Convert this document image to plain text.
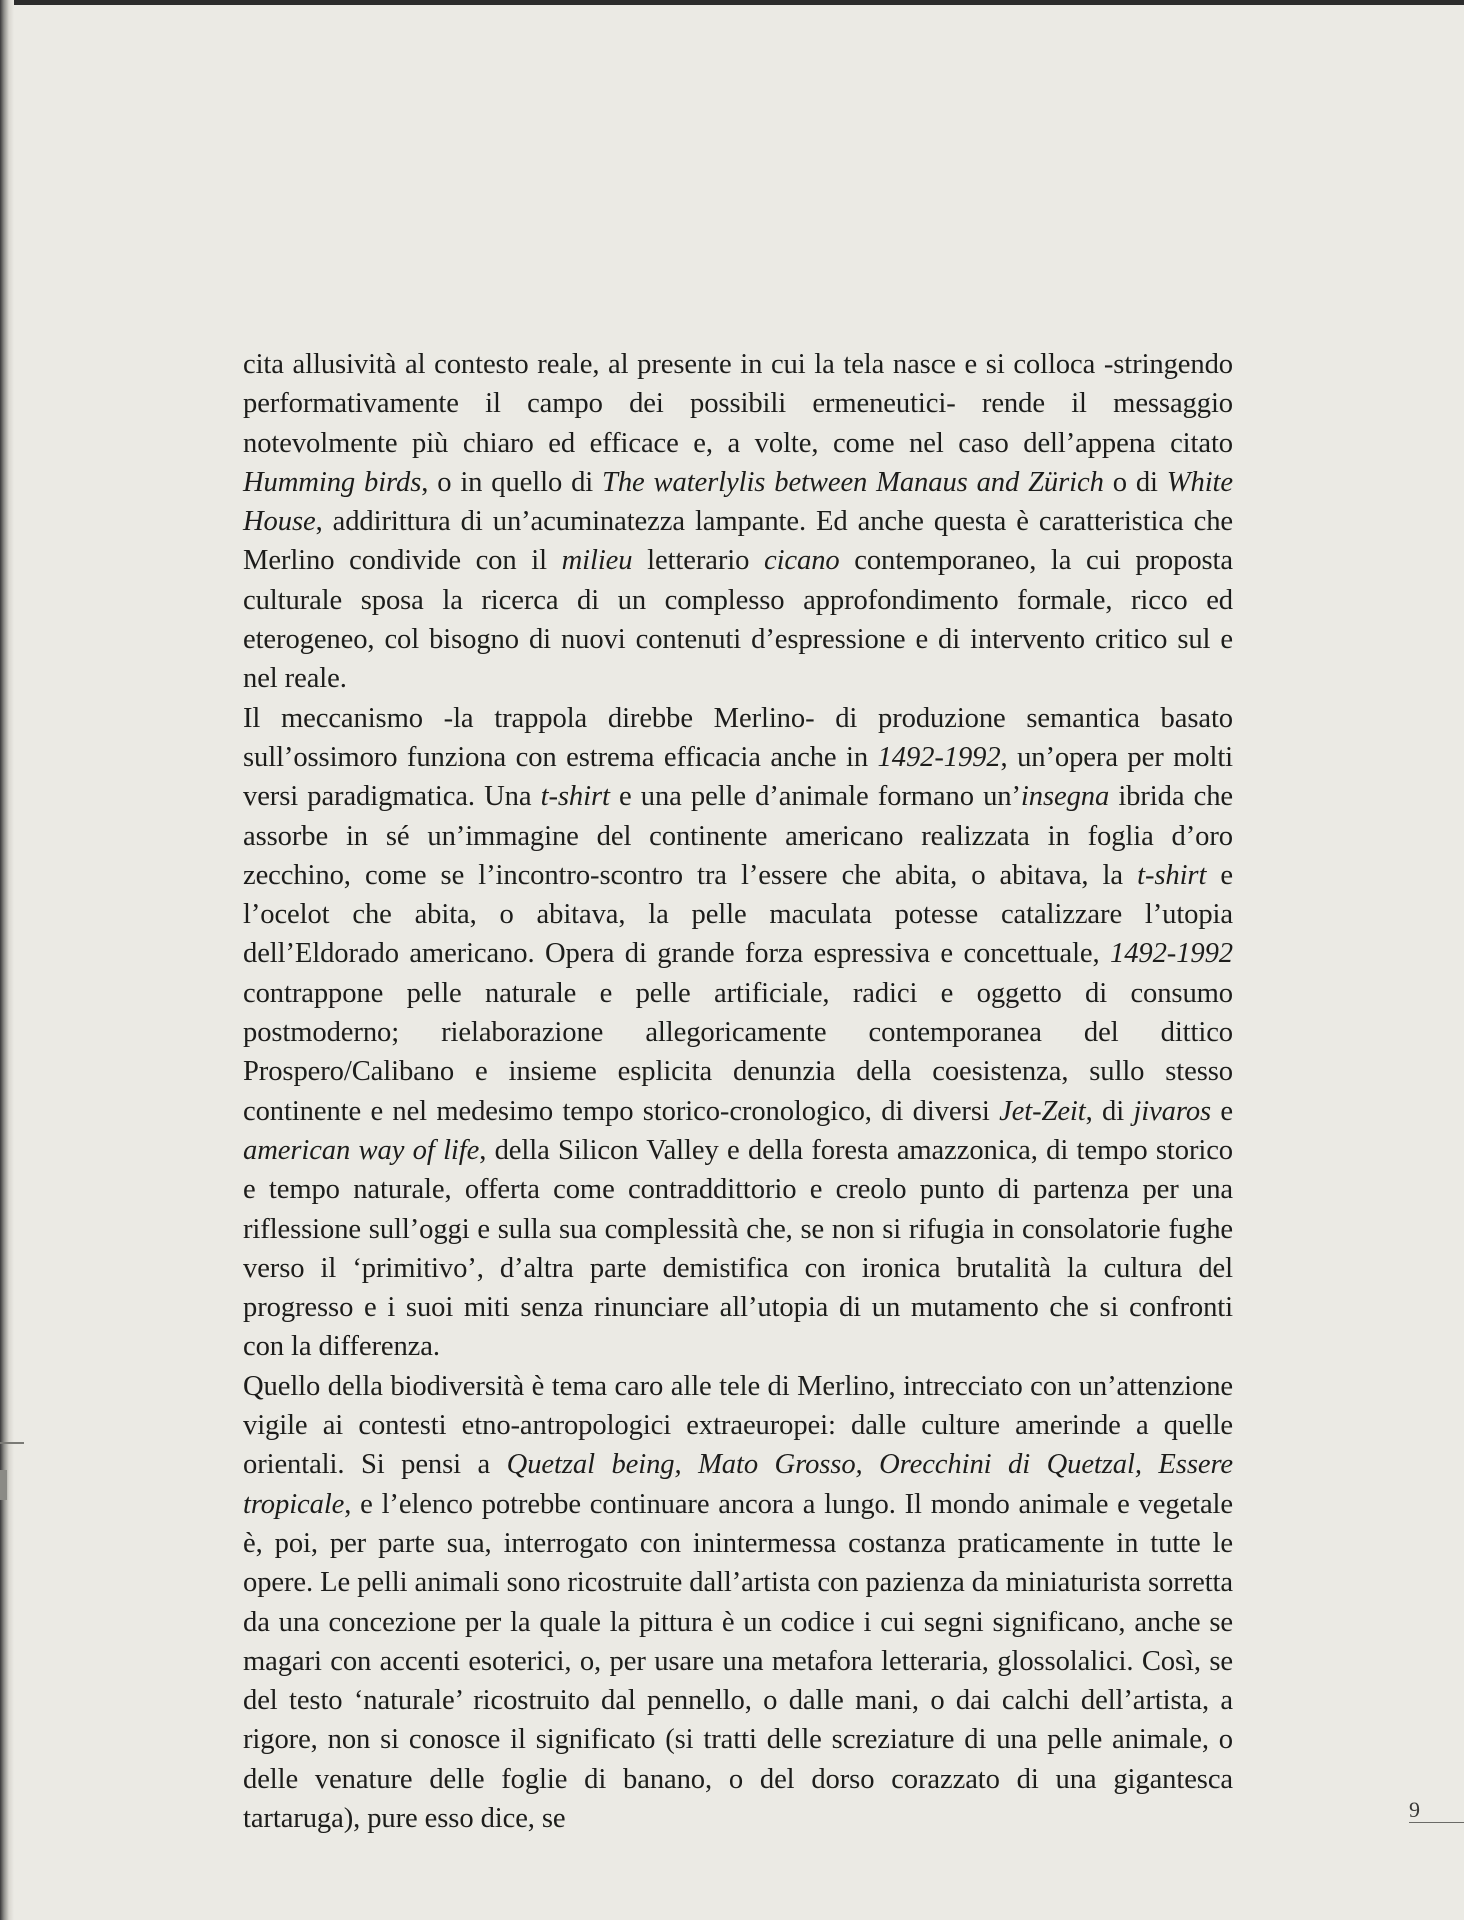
cita allusività al contesto reale, al presente in cui la tela nasce e si colloca -stringendo performativamente il campo dei possibili ermeneutici- rende il messaggio notevolmente più chiaro ed efficace e, a volte, come nel caso dell’appena citato Humming birds, o in quello di The waterlylis between Manaus and Zürich o di White House, addirittura di un’acuminatezza lampante. Ed anche questa è caratteristica che Merlino condivide con il milieu letterario cicano contemporaneo, la cui proposta culturale sposa la ricerca di un complesso approfondimento formale, ricco ed eterogeneo, col bisogno di nuovi contenuti d’espressione e di intervento critico sul e nel reale.

Il meccanismo -la trappola direbbe Merlino- di produzione semantica basato sull’ossimoro funziona con estrema efficacia anche in 1492-1992, un’opera per molti versi paradigmatica. Una t-shirt e una pelle d’animale formano un’insegna ibrida che assorbe in sé un’immagine del continente americano realizzata in foglia d’oro zecchino, come se l’incontro-scontro tra l’essere che abita, o abitava, la t-shirt e l’ocelot che abita, o abitava, la pelle maculata potesse catalizzare l’utopia dell’Eldorado americano. Opera di grande forza espressiva e concettuale, 1492-1992 contrappone pelle naturale e pelle artificiale, radici e oggetto di consumo postmoderno; rielaborazione allegoricamente contemporanea del dittico Prospero/Calibano e insieme esplicita denunzia della coesistenza, sullo stesso continente e nel medesimo tempo storico-cronologico, di diversi Jet-Zeit, di jivaros e american way of life, della Silicon Valley e della foresta amazzonica, di tempo storico e tempo naturale, offerta come contraddittorio e creolo punto di partenza per una riflessione sull’oggi e sulla sua complessità che, se non si rifugia in consolatorie fughe verso il ‘primitivo’, d’altra parte demistifica con ironica brutalità la cultura del progresso e i suoi miti senza rinunciare all’utopia di un mutamento che si confronti con la differenza.

Quello della biodiversità è tema caro alle tele di Merlino, intrecciato con un’attenzione vigile ai contesti etno-antropologici extraeuropei: dalle culture amerinde a quelle orientali. Si pensi a Quetzal being, Mato Grosso, Orecchini di Quetzal, Essere tropicale, e l’elenco potrebbe continuare ancora a lungo. Il mondo animale e vegetale è, poi, per parte sua, interrogato con inintermessa costanza praticamente in tutte le opere. Le pelli animali sono ricostruite dall’artista con pazienza da miniaturista sorretta da una concezione per la quale la pittura è un codice i cui segni significano, anche se magari con accenti esoterici, o, per usare una metafora letteraria, glossolalici. Così, se del testo ‘naturale’ ricostruito dal pennello, o dalle mani, o dai calchi dell’artista, a rigore, non si conosce il significato (si tratti delle screziature di una pelle animale, o delle venature delle foglie di banano, o del dorso corazzato di una gigantesca tartaruga), pure esso dice, se	9
